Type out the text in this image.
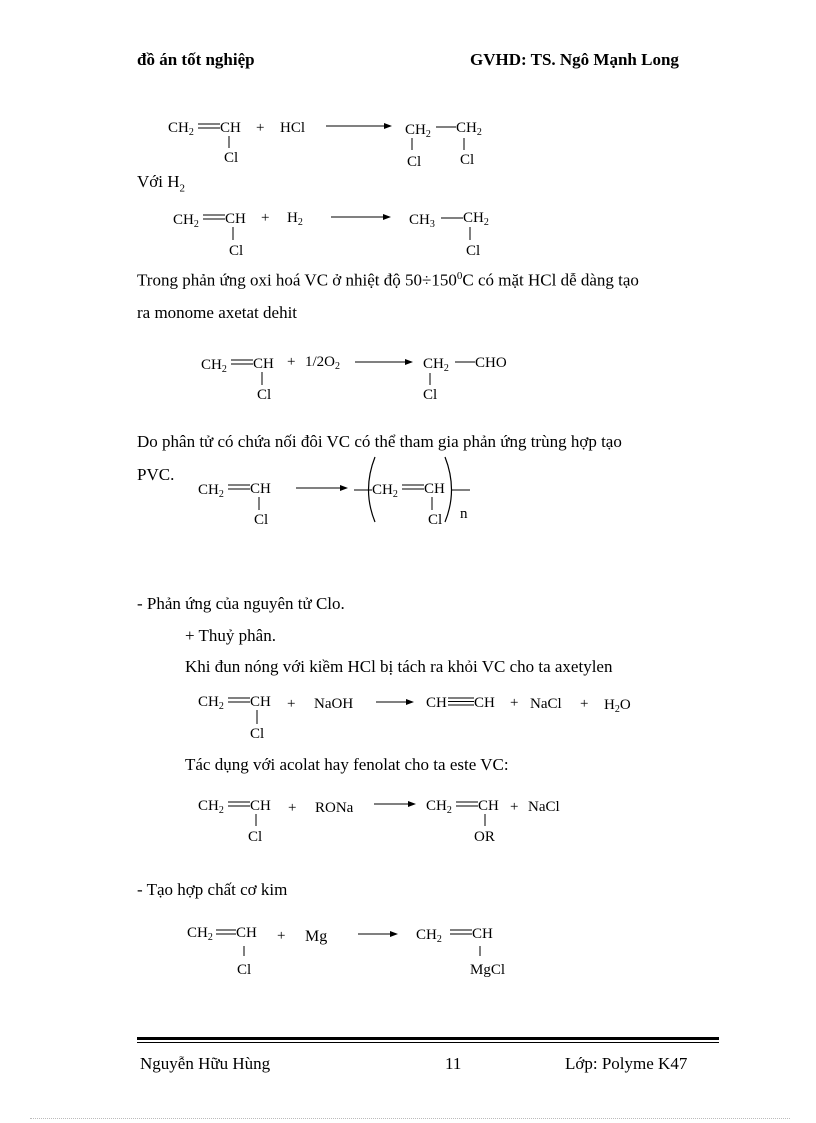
đồ án tốt nghiệp	GVHD: TS. Ngô Mạnh Long
$CH_2$ CH
Cl
+ HCl	$CH_2$ $CH_2$
Cl	Cl
Với $H_2$
$CH_2$ CH
Cl
+ $H_2$	$CH_3$ $CH_2$
Cl
Trong phản ứng oxi hoá VC ở nhiệt độ $50\div 150^0C$ có mặt HCl dễ dàng tạo
ra monome axetat dehit
$CH_2$ CH
Cl
+ $1/2O_2$	$CH_2$ CHO
Cl
Do phân tử có chứa nối đôi VC có thể tham gia phản ứng trùng hợp tạo
PVC.
$CH_2$ CH
Cl
$CH_2$ CH
Cl n
- Phản ứng của nguyên tử Clo.
+ Thuỷ phân.
Khi đun nóng với kiềm HCl bị tách ra khỏi VC cho ta axetylen
$CH_2$ CH
Cl
+ NaOH	CH CH + NaCl + $H_2O$
Tác dụng với acolat hay fenolat cho ta este VC:
$CH_2$ CH
Cl
+ RONa	$CH_2$ CH
OR
+ NaCl
- Tạo hợp chất cơ kim
$CH_2$ CH
Cl
+ Mg	$CH_2$ CH
MgCl
Nguyễn Hữu Hùng	11	Lớp: Polyme K47
